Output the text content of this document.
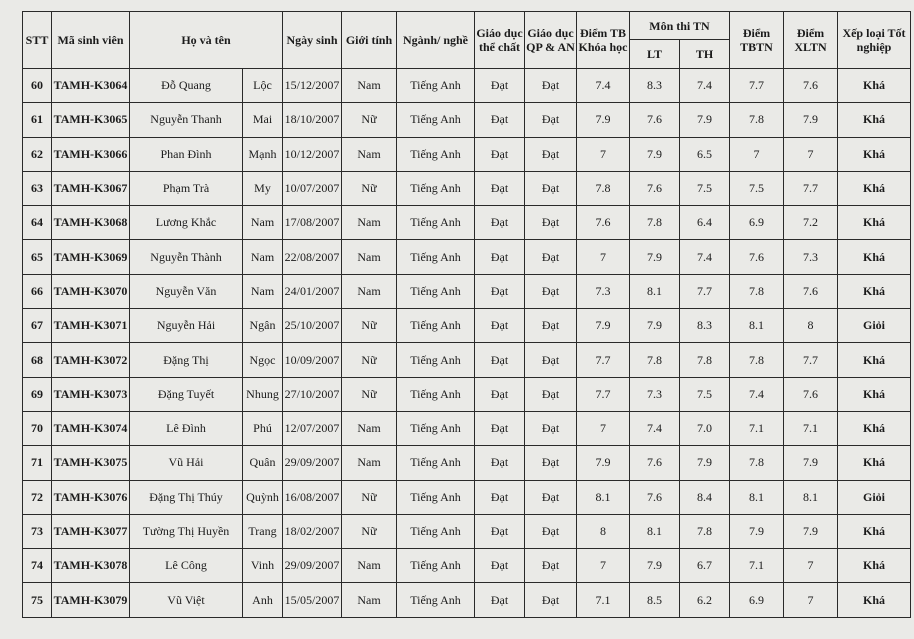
STT	Mã sinh viên	Họ và tên		Ngày sinh	Giới tính	Ngành/ nghề	Giáo dục thể chất	Giáo dục QP & AN	Điểm TB Khóa học	Môn thi TN		Điểm TBTN	Điểm XLTN	Xếp loại Tốt nghiệp
										LT	TH			
60	TAMH-K3064	Đỗ Quang	Lộc	15/12/2007	Nam	Tiếng Anh	Đạt	Đạt	7.4	8.3	7.4	7.7	7.6	Khá
61	TAMH-K3065	Nguyễn Thanh	Mai	18/10/2007	Nữ	Tiếng Anh	Đạt	Đạt	7.9	7.6	7.9	7.8	7.9	Khá
62	TAMH-K3066	Phan Đình	Mạnh	10/12/2007	Nam	Tiếng Anh	Đạt	Đạt	7	7.9	6.5	7	7	Khá
63	TAMH-K3067	Phạm Trà	My	10/07/2007	Nữ	Tiếng Anh	Đạt	Đạt	7.8	7.6	7.5	7.5	7.7	Khá
64	TAMH-K3068	Lương Khắc	Nam	17/08/2007	Nam	Tiếng Anh	Đạt	Đạt	7.6	7.8	6.4	6.9	7.2	Khá
65	TAMH-K3069	Nguyễn Thành	Nam	22/08/2007	Nam	Tiếng Anh	Đạt	Đạt	7	7.9	7.4	7.6	7.3	Khá
66	TAMH-K3070	Nguyễn Văn	Nam	24/01/2007	Nam	Tiếng Anh	Đạt	Đạt	7.3	8.1	7.7	7.8	7.6	Khá
67	TAMH-K3071	Nguyễn Hải	Ngân	25/10/2007	Nữ	Tiếng Anh	Đạt	Đạt	7.9	7.9	8.3	8.1	8	Giỏi
68	TAMH-K3072	Đặng Thị	Ngọc	10/09/2007	Nữ	Tiếng Anh	Đạt	Đạt	7.7	7.8	7.8	7.8	7.7	Khá
69	TAMH-K3073	Đặng Tuyết	Nhung	27/10/2007	Nữ	Tiếng Anh	Đạt	Đạt	7.7	7.3	7.5	7.4	7.6	Khá
70	TAMH-K3074	Lê Đình	Phú	12/07/2007	Nam	Tiếng Anh	Đạt	Đạt	7	7.4	7.0	7.1	7.1	Khá
71	TAMH-K3075	Vũ Hải	Quân	29/09/2007	Nam	Tiếng Anh	Đạt	Đạt	7.9	7.6	7.9	7.8	7.9	Khá
72	TAMH-K3076	Đặng Thị Thúy	Quỳnh	16/08/2007	Nữ	Tiếng Anh	Đạt	Đạt	8.1	7.6	8.4	8.1	8.1	Giỏi
73	TAMH-K3077	Tường Thị Huyền	Trang	18/02/2007	Nữ	Tiếng Anh	Đạt	Đạt	8	8.1	7.8	7.9	7.9	Khá
74	TAMH-K3078	Lê Công	Vinh	29/09/2007	Nam	Tiếng Anh	Đạt	Đạt	7	7.9	6.7	7.1	7	Khá
75	TAMH-K3079	Vũ Việt	Anh	15/05/2007	Nam	Tiếng Anh	Đạt	Đạt	7.1	8.5	6.2	6.9	7	Khá
